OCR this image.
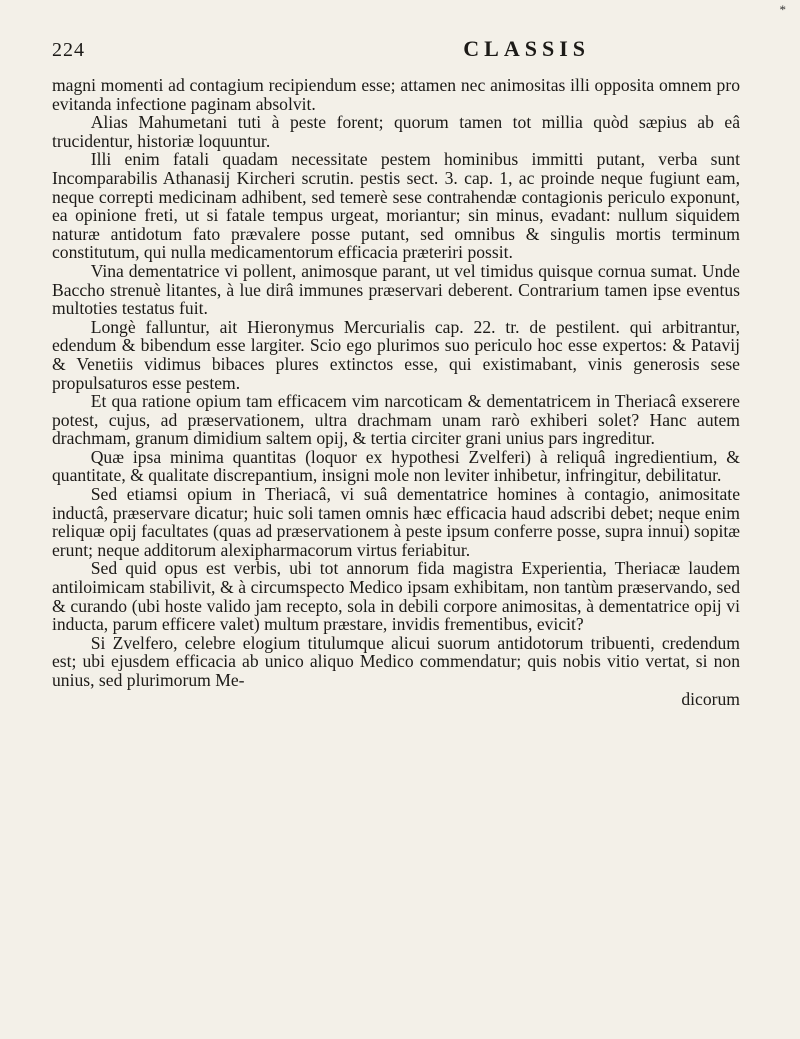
*
224	CLASSIS

magni momenti ad contagium recipiendum esse; attamen nec animositas illi opposita omnem pro evitanda infectione paginam absolvit.

Alias Mahumetani tuti à peste forent; quorum tamen tot millia quòd sæpius ab eâ trucidentur, historiæ loquuntur.

Illi enim fatali quadam necessitate pestem hominibus immitti putant, verba sunt Incomparabilis Athanasij Kircheri scrutin. pestis sect. 3. cap. 1, ac proinde neque fugiunt eam, neque correpti medicinam adhibent, sed temerè sese contrahendæ contagionis periculo exponunt, ea opinione freti, ut si fatale tempus urgeat, moriantur; sin minus, evadant: nullum siquidem naturæ antidotum fato prævalere posse putant, sed omnibus & singulis mortis terminum constitutum, qui nulla medicamentorum efficacia præteriri possit.

Vina dementatrice vi pollent, animosque parant, ut vel timidus quisque cornua sumat. Unde Baccho strenuè litantes, à lue dirâ immunes præservari deberent. Contrarium tamen ipse eventus multoties testatus fuit.

Longè falluntur, ait Hieronymus Mercurialis cap. 22. tr. de pestilent. qui arbitrantur, edendum & bibendum esse largiter. Scio ego plurimos suo periculo hoc esse expertos: & Patavij & Venetiis vidimus bibaces plures extinctos esse, qui existimabant, vinis generosis sese propulsaturos esse pestem.

Et qua ratione opium tam efficacem vim narcoticam & dementatricem in Theriacâ exserere potest, cujus, ad præservationem, ultra drachmam unam rarò exhiberi solet? Hanc autem drachmam, granum dimidium saltem opij, & tertia circiter grani unius pars ingreditur.

Quæ ipsa minima quantitas (loquor ex hypothesi Zvelferi) à reliquâ ingredientium, & quantitate, & qualitate discrepantium, insigni mole non leviter inhibetur, infringitur, debilitatur.

Sed etiamsi opium in Theriacâ, vi suâ dementatrice homines à contagio, animositate inductâ, præservare dicatur; huic soli tamen omnis hæc efficacia haud adscribi debet; neque enim reliquæ opij facultates (quas ad præservationem à peste ipsum conferre posse, supra innui) sopitæ erunt; neque additorum alexipharmacorum virtus feriabitur.

Sed quid opus est verbis, ubi tot annorum fida magistra Experientia, Theriacæ laudem antiloimicam stabilivit, & à circumspecto Medico ipsam exhibitam, non tantùm præservando, sed & curando (ubi hoste valido jam recepto, sola in debili corpore animositas, à dementatrice opij vi inducta, parum efficere valet) multum præstare, invidis frementibus, evicit?

Si Zvelfero, celebre elogium titulumque alicui suorum antidotorum tribuenti, credendum est; ubi ejusdem efficacia ab unico aliquo Medico commendatur; quis nobis vitio vertat, si non unius, sed plurimorum Me-

dicorum
